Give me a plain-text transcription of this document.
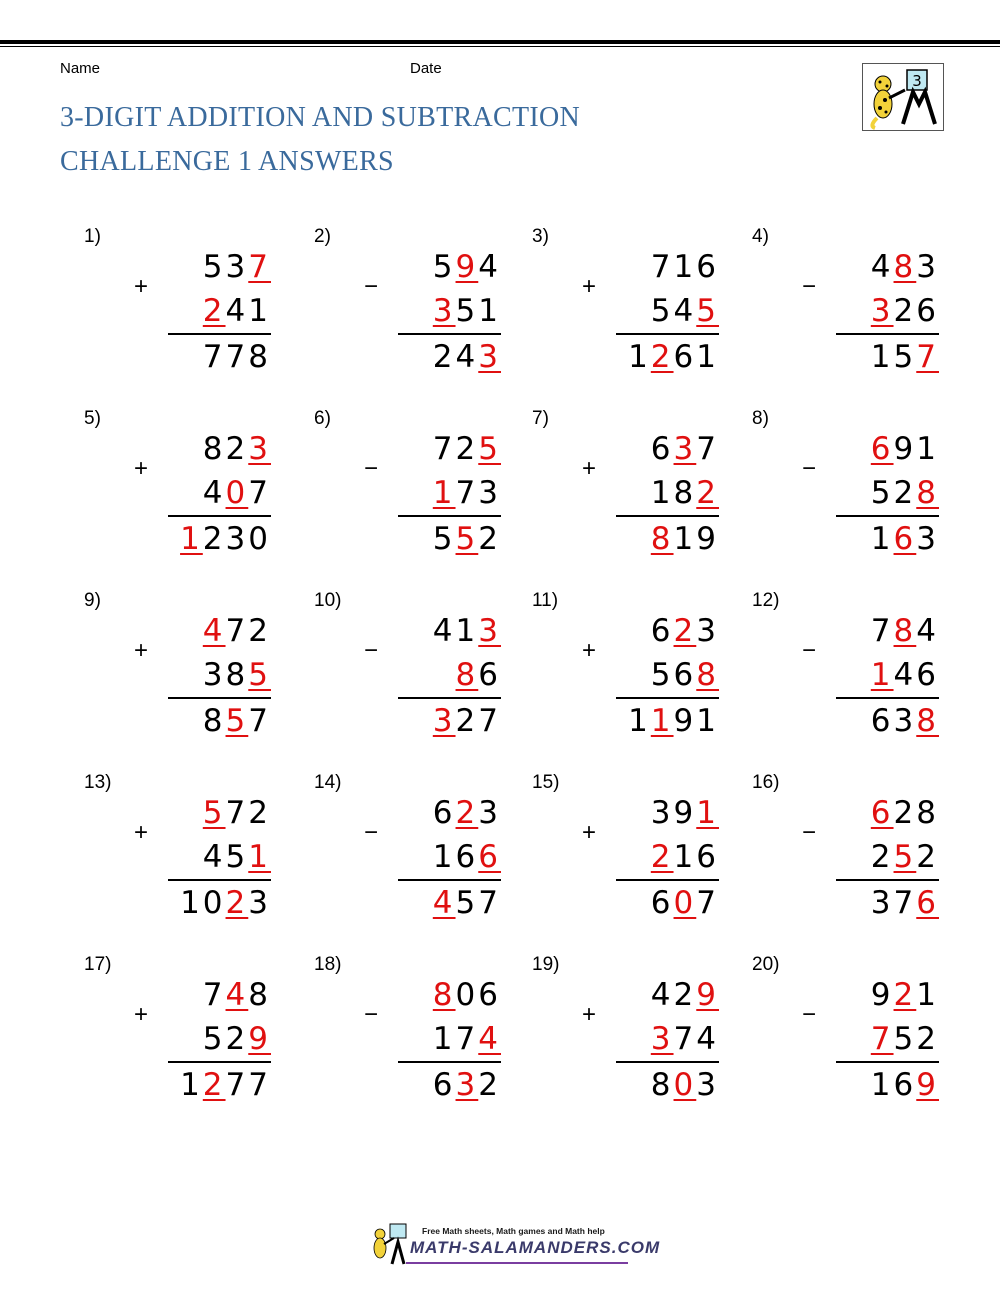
Name	Date
3-DIGIT ADDITION AND SUBTRACTION
CHALLENGE 1 ANSWERS
3
1)
+
537
241
778
2)
−
594
351
243
3)
+
716
545
1261
4)
−
483
326
157
5)
+
823
407
1230
6)
−
725
173
552
7)
+
637
182
819
8)
−
691
528
163
9)
+
472
385
857
10)
−
413
86
327
11)
+
623
568
1191
12)
−
784
146
638
13)
+
572
451
1023
14)
−
623
166
457
15)
+
391
216
607
16)
−
628
252
376
17)
+
748
529
1277
18)
−
806
174
632
19)
+
429
374
803
20)
−
921
752
169
Free Math sheets, Math games and Math help
MATH-SALAMANDERS.COM
